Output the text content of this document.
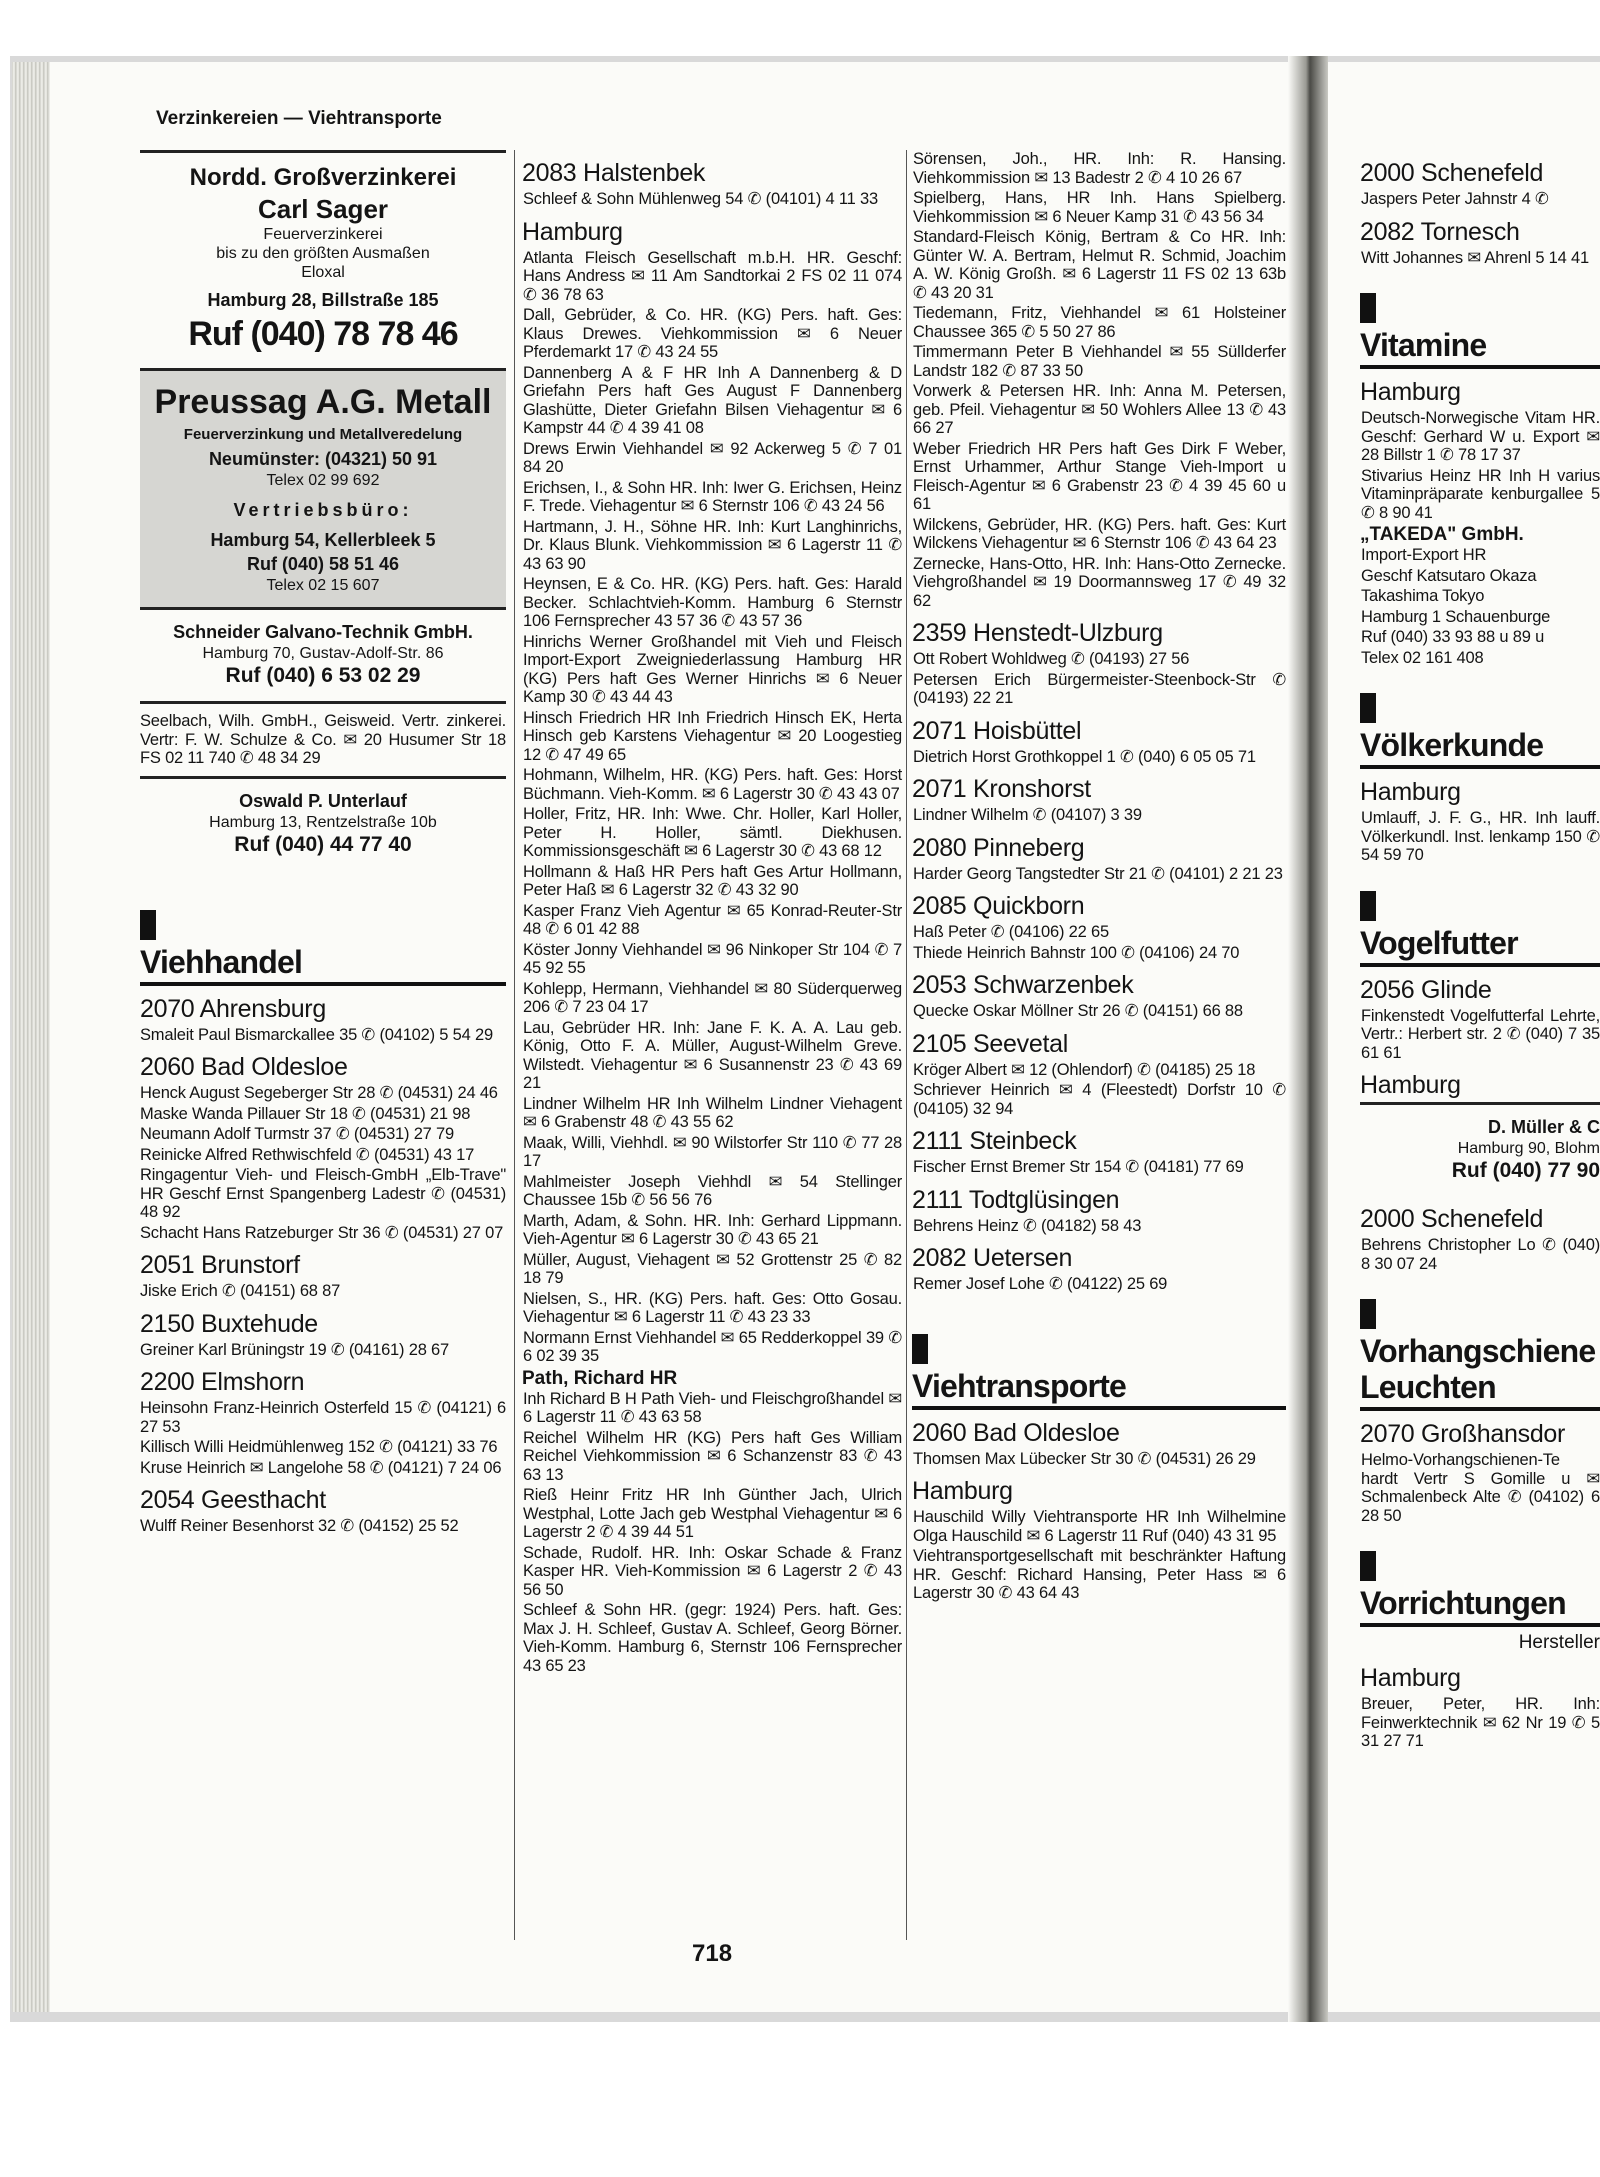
Verzinkereien — Viehtransporte
Nordd. Großverzinkerei
Carl Sager
Feuerverzinkerei
bis zu den größten Ausmaßen
Eloxal
Hamburg 28, Billstraße 185
Ruf (040) 78 78 46
Preussag A.G. Metall
Feuerverzinkung und Metallveredelung
Neumünster: (04321) 50 91
Telex 02 99 692
Vertriebsbüro:
Hamburg 54, Kellerbleek 5
Ruf (040) 58 51 46
Telex 02 15 607
Schneider Galvano-Technik GmbH.
Hamburg 70, Gustav-Adolf-Str. 86
Ruf (040) 6 53 02 29
Seelbach, Wilh. GmbH., Geisweid. Vertr. zinkerei. Vertr: F. W. Schulze & Co. ✉ 20 Husumer Str 18 FS 02 11 740 ✆ 48 34 29
Oswald P. Unterlauf
Hamburg 13, Rentzelstraße 10b
Ruf (040) 44 77 40
Viehhandel
2070 Ahrensburg
Smaleit Paul Bismarckallee 35 ✆ (04102) 5 54 29
2060 Bad Oldesloe
Henck August Segeberger Str 28 ✆ (04531) 24 46
Maske Wanda Pillauer Str 18 ✆ (04531) 21 98
Neumann Adolf Turmstr 37 ✆ (04531) 27 79
Reinicke Alfred Rethwischfeld ✆ (04531) 43 17
Ringagentur Vieh- und Fleisch-GmbH „Elb-Trave" HR Geschf Ernst Spangenberg Ladestr ✆ (04531) 48 92
Schacht Hans Ratzeburger Str 36 ✆ (04531) 27 07
2051 Brunstorf
Jiske Erich ✆ (04151) 68 87
2150 Buxtehude
Greiner Karl Brüningstr 19 ✆ (04161) 28 67
2200 Elmshorn
Heinsohn Franz-Heinrich Osterfeld 15 ✆ (04121) 6 27 53
Killisch Willi Heidmühlenweg 152 ✆ (04121) 33 76
Kruse Heinrich ✉ Langelohe 58 ✆ (04121) 7 24 06
2054 Geesthacht
Wulff Reiner Besenhorst 32 ✆ (04152) 25 52
2083 Halstenbek
Schleef & Sohn Mühlenweg 54 ✆ (04101) 4 11 33
Hamburg
Atlanta Fleisch Gesellschaft m.b.H. HR. Geschf: Hans Andress ✉ 11 Am Sandtorkai 2 FS 02 11 074 ✆ 36 78 63
Dall, Gebrüder, & Co. HR. (KG) Pers. haft. Ges: Klaus Drewes. Viehkommission ✉ 6 Neuer Pferdemarkt 17 ✆ 43 24 55
Dannenberg A & F HR Inh A Dannenberg & D Griefahn Pers haft Ges August F Dannenberg Glashütte, Dieter Griefahn Bilsen Viehagentur ✉ 6 Kampstr 44 ✆ 4 39 41 08
Drews Erwin Viehhandel ✉ 92 Ackerweg 5 ✆ 7 01 84 20
Erichsen, I., & Sohn HR. Inh: Iwer G. Erichsen, Heinz F. Trede. Viehagentur ✉ 6 Sternstr 106 ✆ 43 24 56
Hartmann, J. H., Söhne HR. Inh: Kurt Langhinrichs, Dr. Klaus Blunk. Viehkommission ✉ 6 Lagerstr 11 ✆ 43 63 90
Heynsen, E & Co. HR. (KG) Pers. haft. Ges: Harald Becker. Schlachtvieh-Komm. Hamburg 6 Sternstr 106 Fernsprecher 43 57 36 ✆ 43 57 36
Hinrichs Werner Großhandel mit Vieh und Fleisch Import-Export Zweigniederlassung Hamburg HR (KG) Pers haft Ges Werner Hinrichs ✉ 6 Neuer Kamp 30 ✆ 43 44 43
Hinsch Friedrich HR Inh Friedrich Hinsch EK, Herta Hinsch geb Karstens Viehagentur ✉ 20 Loogestieg 12 ✆ 47 49 65
Hohmann, Wilhelm, HR. (KG) Pers. haft. Ges: Horst Büchmann. Vieh-Komm. ✉ 6 Lagerstr 30 ✆ 43 43 07
Holler, Fritz, HR. Inh: Wwe. Chr. Holler, Karl Holler, Peter H. Holler, sämtl. Diekhusen. Kommissionsgeschäft ✉ 6 Lagerstr 30 ✆ 43 68 12
Hollmann & Haß HR Pers haft Ges Artur Hollmann, Peter Haß ✉ 6 Lagerstr 32 ✆ 43 32 90
Kasper Franz Vieh Agentur ✉ 65 Konrad-Reuter-Str 48 ✆ 6 01 42 88
Köster Jonny Viehhandel ✉ 96 Ninkoper Str 104 ✆ 7 45 92 55
Kohlepp, Hermann, Viehhandel ✉ 80 Süderquerweg 206 ✆ 7 23 04 17
Lau, Gebrüder HR. Inh: Jane F. K. A. A. Lau geb. König, Otto F. A. Müller, August-Wilhelm Greve. Wilstedt. Viehagentur ✉ 6 Susannenstr 23 ✆ 43 69 21
Lindner Wilhelm HR Inh Wilhelm Lindner Viehagent ✉ 6 Grabenstr 48 ✆ 43 55 62
Maak, Willi, Viehhdl. ✉ 90 Wilstorfer Str 110 ✆ 77 28 17
Mahlmeister Joseph Viehhdl ✉ 54 Stellinger Chaussee 15b ✆ 56 56 76
Marth, Adam, & Sohn. HR. Inh: Gerhard Lippmann. Vieh-Agentur ✉ 6 Lagerstr 30 ✆ 43 65 21
Müller, August, Viehagent ✉ 52 Grottenstr 25 ✆ 82 18 79
Nielsen, S., HR. (KG) Pers. haft. Ges: Otto Gosau. Viehagentur ✉ 6 Lagerstr 11 ✆ 43 23 33
Normann Ernst Viehhandel ✉ 65 Redderkoppel 39 ✆ 6 02 39 35
Path, Richard HR
Inh Richard B H Path Vieh- und Fleischgroßhandel ✉ 6 Lagerstr 11 ✆ 43 63 58
Reichel Wilhelm HR (KG) Pers haft Ges William Reichel Viehkommission ✉ 6 Schanzenstr 83 ✆ 43 63 13
Rieß Heinr Fritz HR Inh Günther Jach, Ulrich Westphal, Lotte Jach geb Westphal Viehagentur ✉ 6 Lagerstr 2 ✆ 4 39 44 51
Schade, Rudolf. HR. Inh: Oskar Schade & Franz Kasper HR. Vieh-Kommission ✉ 6 Lagerstr 2 ✆ 43 56 50
Schleef & Sohn HR. (gegr: 1924) Pers. haft. Ges: Max J. H. Schleef, Gustav A. Schleef, Georg Börner. Vieh-Komm. Hamburg 6, Sternstr 106 Fernsprecher 43 65 23
Sörensen, Joh., HR. Inh: R. Hansing. Viehkommission ✉ 13 Badestr 2 ✆ 4 10 26 67
Spielberg, Hans, HR Inh. Hans Spielberg. Viehkommission ✉ 6 Neuer Kamp 31 ✆ 43 56 34
Standard-Fleisch König, Bertram & Co HR. Inh: Günter W. A. Bertram, Helmut R. Schmid, Joachim A. W. König Großh. ✉ 6 Lagerstr 11 FS 02 13 63b ✆ 43 20 31
Tiedemann, Fritz, Viehhandel ✉ 61 Holsteiner Chaussee 365 ✆ 5 50 27 86
Timmermann Peter B Viehhandel ✉ 55 Süllderfer Landstr 182 ✆ 87 33 50
Vorwerk & Petersen HR. Inh: Anna M. Petersen, geb. Pfeil. Viehagentur ✉ 50 Wohlers Allee 13 ✆ 43 66 27
Weber Friedrich HR Pers haft Ges Dirk F Weber, Ernst Urhammer, Arthur Stange Vieh-Import u Fleisch-Agentur ✉ 6 Grabenstr 23 ✆ 4 39 45 60 u 61
Wilckens, Gebrüder, HR. (KG) Pers. haft. Ges: Kurt Wilckens Viehagentur ✉ 6 Sternstr 106 ✆ 43 64 23
Zernecke, Hans-Otto, HR. Inh: Hans-Otto Zernecke. Viehgroßhandel ✉ 19 Doormannsweg 17 ✆ 49 32 62
2359 Henstedt-Ulzburg
Ott Robert Wohldweg ✆ (04193) 27 56
Petersen Erich Bürgermeister-Steenbock-Str ✆ (04193) 22 21
2071 Hoisbüttel
Dietrich Horst Grothkoppel 1 ✆ (040) 6 05 05 71
2071 Kronshorst
Lindner Wilhelm ✆ (04107) 3 39
2080 Pinneberg
Harder Georg Tangstedter Str 21 ✆ (04101) 2 21 23
2085 Quickborn
Haß Peter ✆ (04106) 22 65
Thiede Heinrich Bahnstr 100 ✆ (04106) 24 70
2053 Schwarzenbek
Quecke Oskar Möllner Str 26 ✆ (04151) 66 88
2105 Seevetal
Kröger Albert ✉ 12 (Ohlendorf) ✆ (04185) 25 18
Schriever Heinrich ✉ 4 (Fleestedt) Dorfstr 10 ✆ (04105) 32 94
2111 Steinbeck
Fischer Ernst Bremer Str 154 ✆ (04181) 77 69
2111 Todtglüsingen
Behrens Heinz ✆ (04182) 58 43
2082 Uetersen
Remer Josef Lohe ✆ (04122) 25 69
Viehtransporte
2060 Bad Oldesloe
Thomsen Max Lübecker Str 30 ✆ (04531) 26 29
Hamburg
Hauschild Willy Viehtransporte HR Inh Wilhelmine Olga Hauschild ✉ 6 Lagerstr 11 Ruf (040) 43 31 95
Viehtransportgesellschaft mit beschränkter Haftung HR. Geschf: Richard Hansing, Peter Hass ✉ 6 Lagerstr 30 ✆ 43 64 43
2000 Schenefeld
Jaspers Peter Jahnstr 4 ✆
2082 Tornesch
Witt Johannes ✉ Ahrenl 5 14 41
Vitamine
Hamburg
Deutsch-Norwegische Vitam HR. Geschf: Gerhard W u. Export ✉ 28 Billstr 1 ✆ 78 17 37
Stivarius Heinz HR Inh H varius Vitaminpräparate kenburgallee 5 ✆ 8 90 41
„TAKEDA" GmbH.
Import-Export HR
Geschf Katsutaro Okaza
Takashima Tokyo
Hamburg 1 Schauenburge
Ruf (040) 33 93 88 u 89 u
Telex 02 161 408
Völkerkunde
Hamburg
Umlauff, J. F. G., HR. Inh lauff. Völkerkundl. Inst. lenkamp 150 ✆ 54 59 70
Vogelfutter
2056 Glinde
Finkenstedt Vogelfutterfal Lehrte, Vertr.: Herbert str. 2 ✆ (040) 7 35 61 61
Hamburg
D. Müller & C
Hamburg 90, Blohm
Ruf (040) 77 90
2000 Schenefeld
Behrens Christopher Lo ✆ (040) 8 30 07 24
Vorhangschiene Leuchten
2070 Großhansdor
Helmo-Vorhangschienen-Te hardt Vertr S Gomille u ✉ Schmalenbeck Alte ✆ (04102) 6 28 50
Vorrichtungen
Hersteller
Hamburg
Breuer, Peter, HR. Inh: Feinwerktechnik ✉ 62 Nr 19 ✆ 5 31 27 71
718
